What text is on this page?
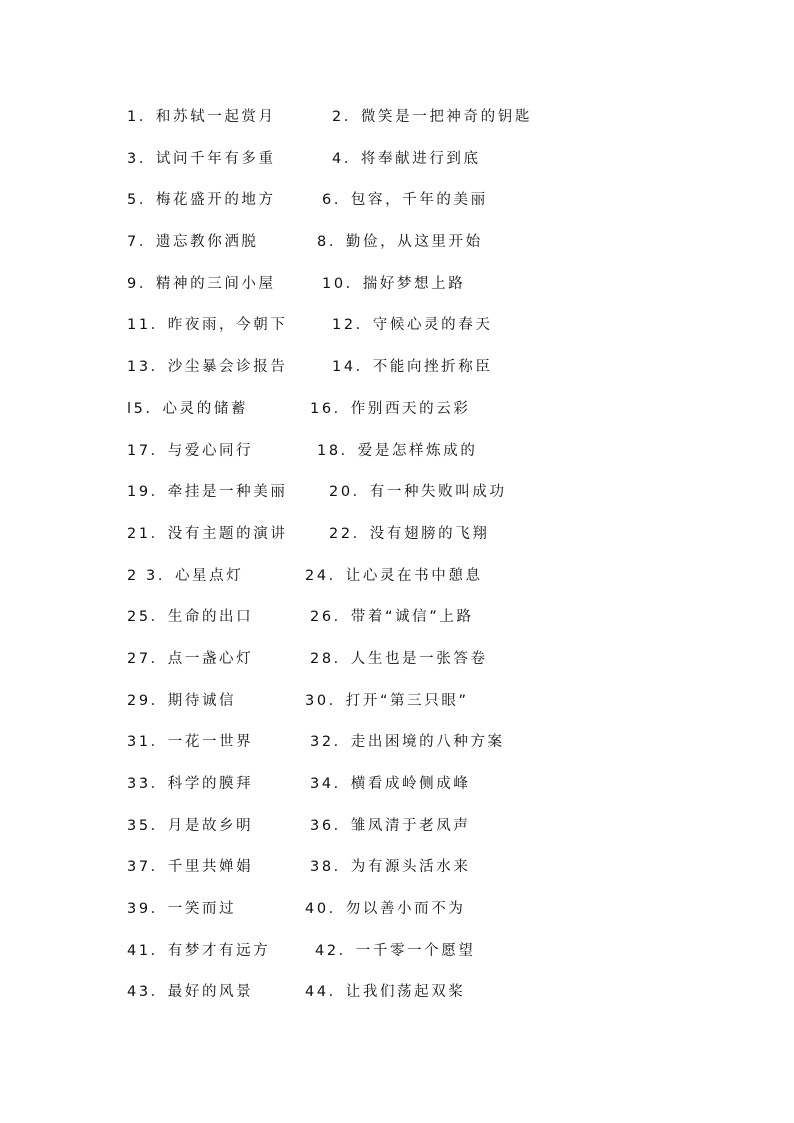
1．和苏轼一起赏月	2．微笑是一把神奇的钥匙
3．试问千年有多重	4．将奉献进行到底
5．梅花盛开的地方	6．包容，千年的美丽
7．遗忘教你洒脱	8．勤俭，从这里开始
9．精神的三间小屋	10．揣好梦想上路
11．昨夜雨，今朝下	12．守候心灵的春天
13．沙尘暴会诊报告	14．不能向挫折称臣
l5．心灵的储蓄	16．作别西天的云彩
17．与爱心同行	18．爱是怎样炼成的
19．牵挂是一种美丽	20．有一种失败叫成功
21．没有主题的演讲	22．没有翅膀的飞翔
2 3．心星点灯	24．让心灵在书中憩息
25．生命的出口	26．带着“诚信”上路
27．点一盏心灯	28．人生也是一张答卷
29．期待诚信	30．打开“第三只眼”
31．一花一世界	32．走出困境的八种方案
33．科学的膜拜	34．横看成岭侧成峰
35．月是故乡明	36．雏凤清于老凤声
37．千里共婵娟	38．为有源头活水来
39．一笑而过	40．勿以善小而不为
41．有梦才有远方	42．一千零一个愿望
43．最好的风景	44．让我们荡起双桨
